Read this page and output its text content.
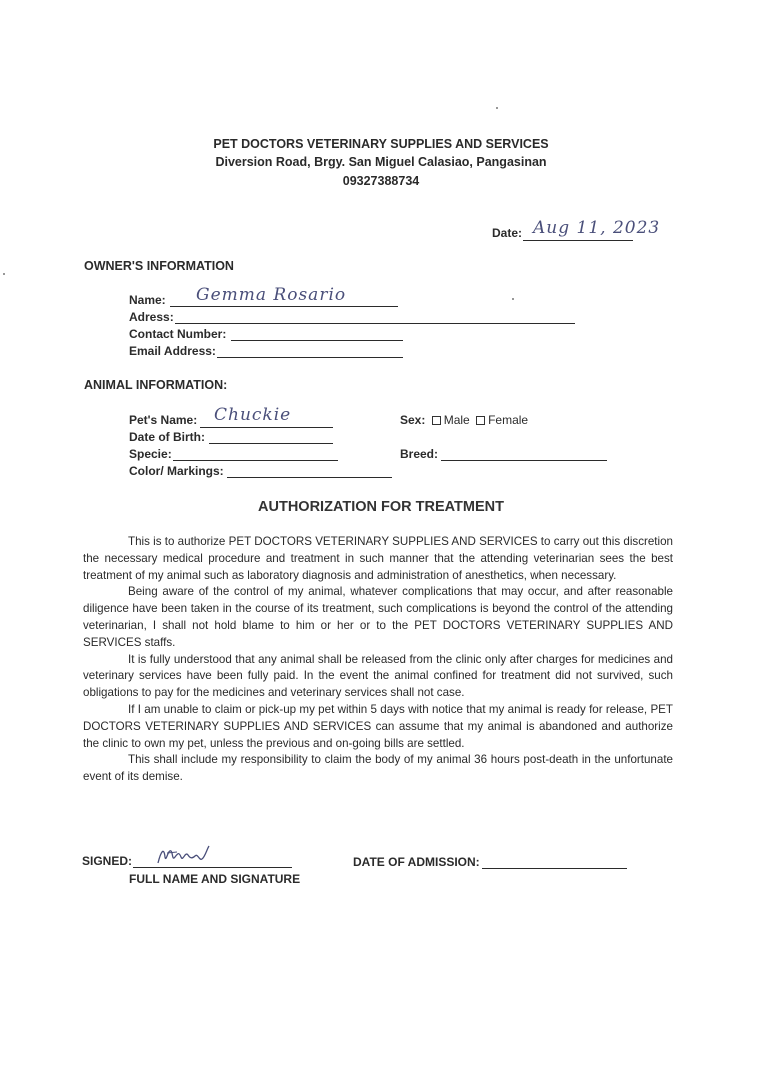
PET DOCTORS VETERINARY SUPPLIES AND SERVICES
Diversion Road, Brgy. San Miguel Calasiao, Pangasinan
09327388734
Date: Aug 11, 2023
OWNER'S INFORMATION
Name: Gemma Rosario
Adress:
Contact Number:
Email Address:
ANIMAL INFORMATION:
Pet's Name: Chuckie
Date of Birth:
Specie:
Color/ Markings:
Sex: Male Female
Breed:
AUTHORIZATION FOR TREATMENT

This is to authorize PET DOCTORS VETERINARY SUPPLIES AND SERVICES to carry out this discretion the necessary medical procedure and treatment in such manner that the attending veterinarian sees the best treatment of my animal such as laboratory diagnosis and administration of anesthetics, when necessary.

Being aware of the control of my animal, whatever complications that may occur, and after reasonable diligence have been taken in the course of its treatment, such complications is beyond the control of the attending veterinarian, I shall not hold blame to him or her or to the PET DOCTORS VETERINARY SUPPLIES AND SERVICES staffs.

It is fully understood that any animal shall be released from the clinic only after charges for medicines and veterinary services have been fully paid. In the event the animal confined for treatment did not survived, such obligations to pay for the medicines and veterinary services shall not case.

If I am unable to claim or pick-up my pet within 5 days with notice that my animal is ready for release, PET DOCTORS VETERINARY SUPPLIES AND SERVICES can assume that my animal is abandoned and authorize the clinic to own my pet, unless the previous and on-going bills are settled.

This shall include my responsibility to claim the body of my animal 36 hours post-death in the unfortunate event of its demise.

SIGNED:
FULL NAME AND SIGNATURE
DATE OF ADMISSION:
